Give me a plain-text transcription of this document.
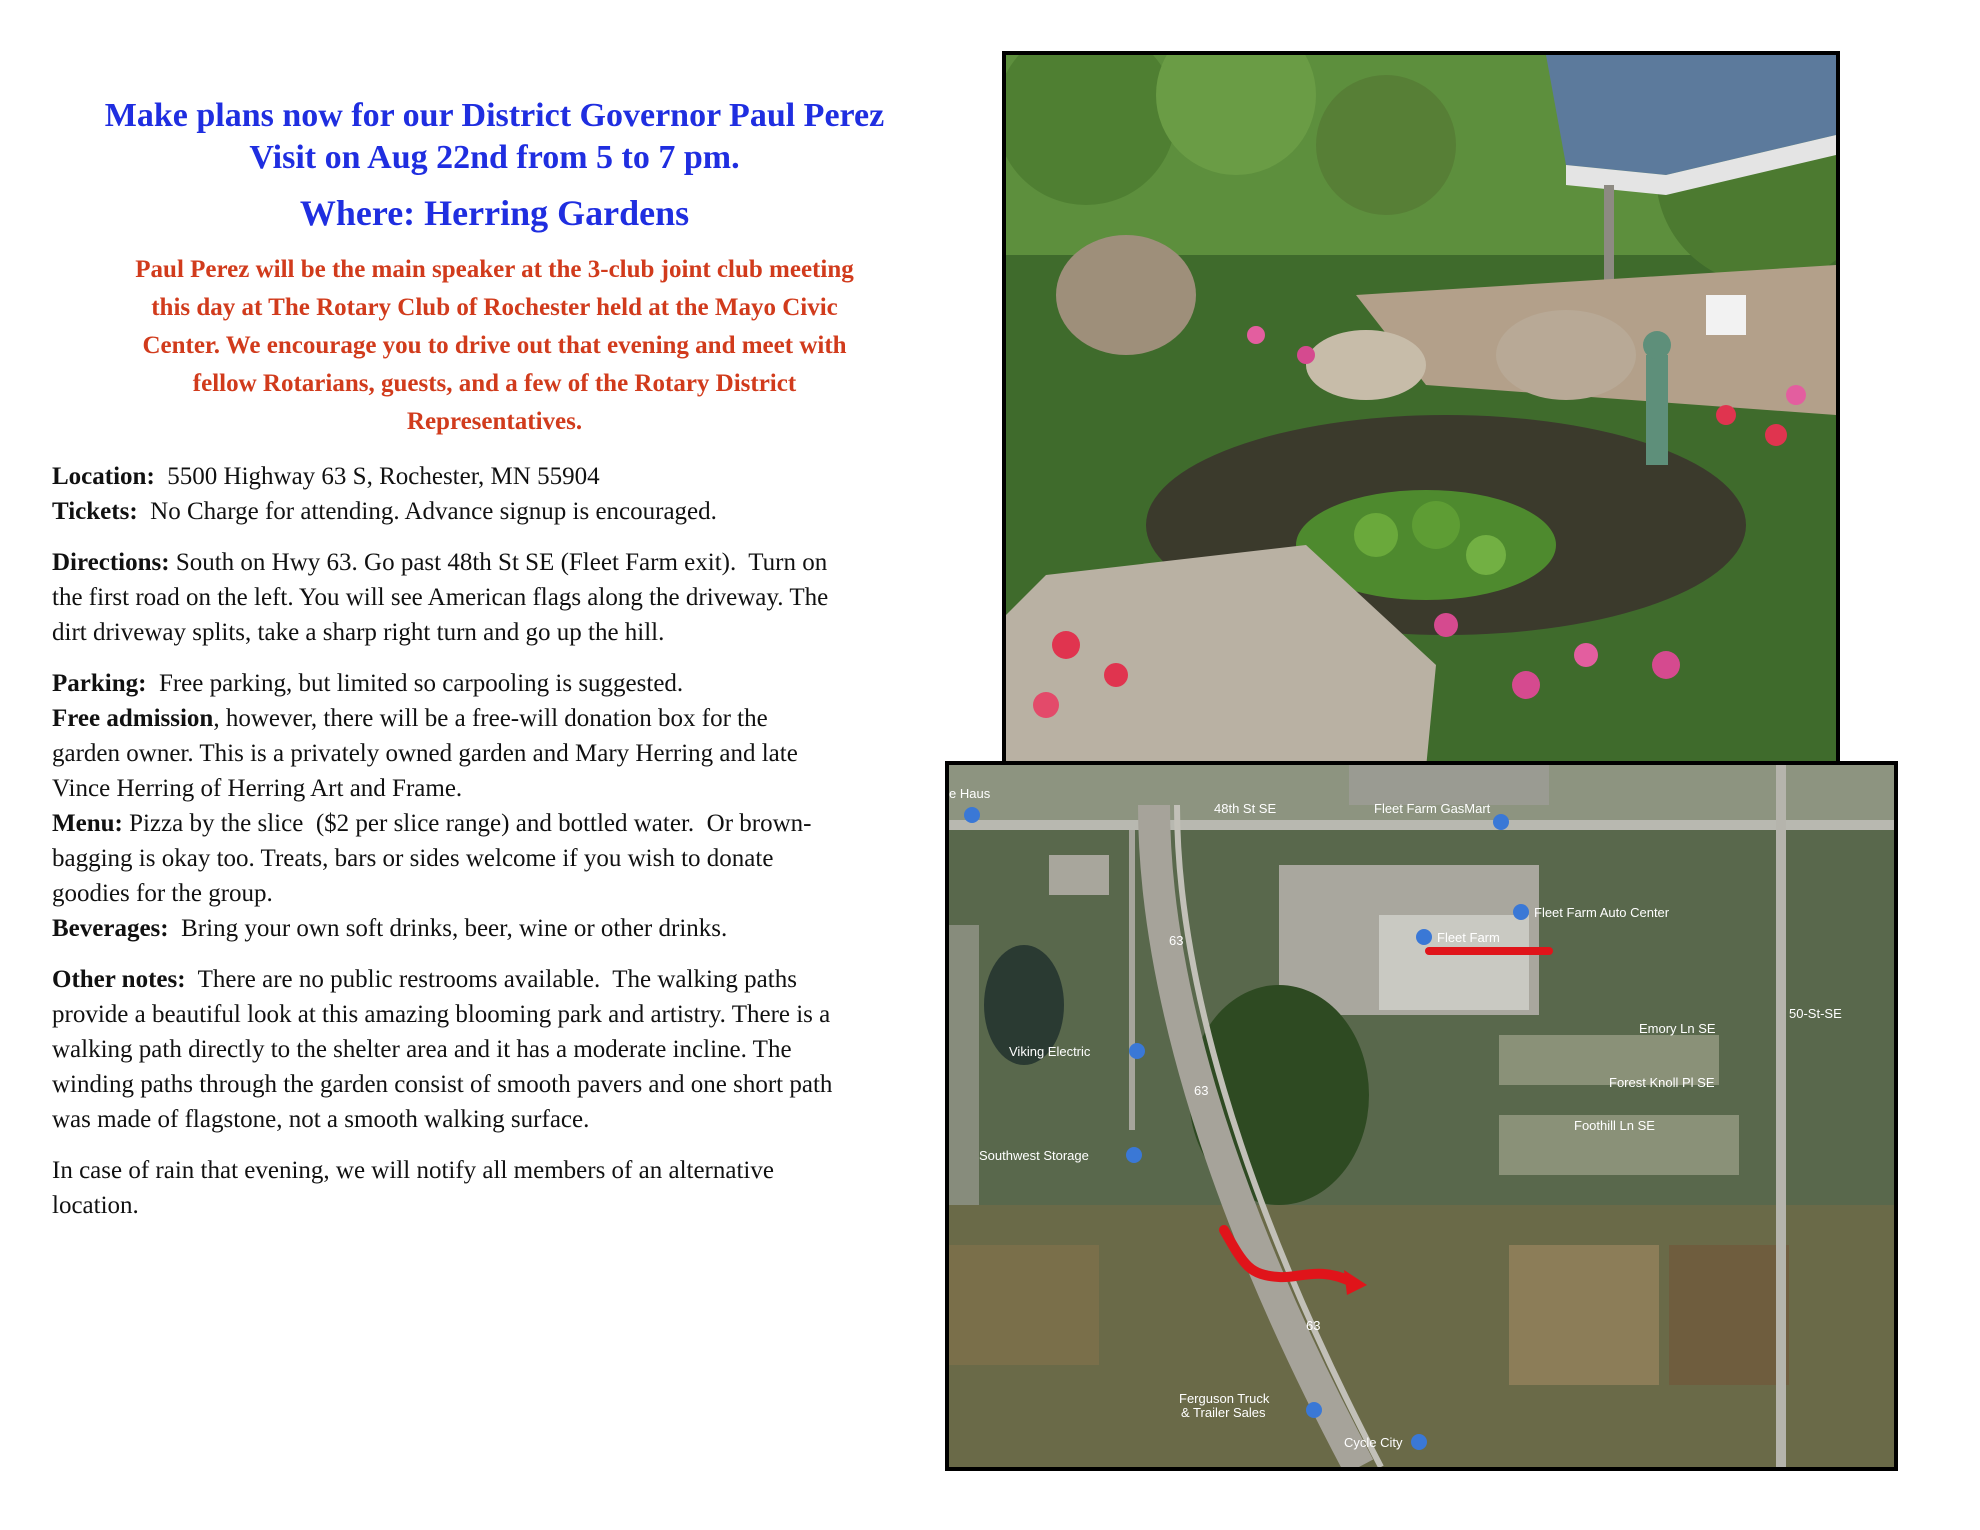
Make plans now for our District Governor Paul Perez
Visit on Aug 22nd from 5 to 7 pm.
Where: Herring Gardens
Paul Perez will be the main speaker at the 3-club joint club meeting
this day at The Rotary Club of Rochester held at the Mayo Civic
Center. We encourage you to drive out that evening and meet with
fellow Rotarians, guests, and a few of the Rotary District
Representatives.
Location:  5500 Highway 63 S, Rochester, MN 55904
Tickets:  No Charge for attending. Advance signup is encouraged.
Directions: South on Hwy 63. Go past 48th St SE (Fleet Farm exit).  Turn on
the first road on the left. You will see American flags along the driveway. The
dirt driveway splits, take a sharp right turn and go up the hill.
Parking:  Free parking, but limited so carpooling is suggested.
Free admission, however, there will be a free-will donation box for the
garden owner. This is a privately owned garden and Mary Herring and late
Vince Herring of Herring Art and Frame.
Menu: Pizza by the slice  ($2 per slice range) and bottled water.  Or brown-
bagging is okay too. Treats, bars or sides welcome if you wish to donate
goodies for the group.
Beverages:  Bring your own soft drinks, beer, wine or other drinks.
Other notes:  There are no public restrooms available.  The walking paths
provide a beautiful look at this amazing blooming park and artistry. There is a
walking path directly to the shelter area and it has a moderate incline. The
winding paths through the garden consist of smooth pavers and one short path
was made of flagstone, not a smooth walking surface.
In case of rain that evening, we will notify all members of an alternative
location.
e Haus
48th St SE	Fleet Farm GasMart
Fleet Farm Auto Center
Fleet Farm
Viking Electric
Southwest Storage
Ferguson Truck
& Trailer Sales
Cycle City
Emory Ln SE
Forest Knoll Pl SE
Foothill Ln SE
50-St-SE
63
63
63
